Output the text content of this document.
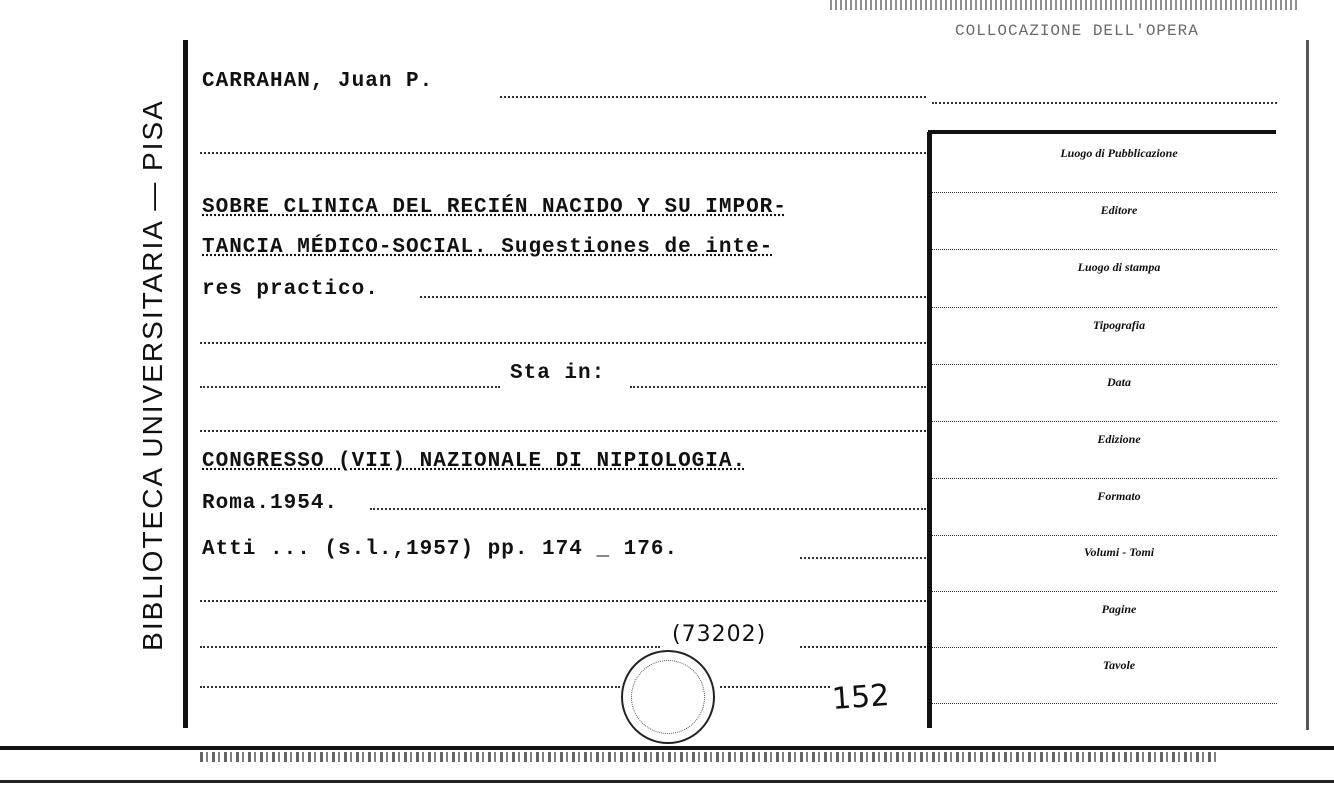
COLLOCAZIONE DELL'OPERA
BIBLIOTECA UNIVERSITARIA — PISA
CARRAHAN, Juan P.
SOBRE CLINICA DEL RECIÉN NACIDO Y SU IMPOR-
TANCIA MÉDICO-SOCIAL. Sugestiones de inte-
res practico.
Sta in:
CONGRESSO (VII) NAZIONALE DI NIPIOLOGIA.
Roma.1954.
Atti ... (s.l.,1957) pp. 174 _ 176.
(73202)
Luogo di Pubblicazione
Editore
Luogo di stampa
Tipografia
Data
Edizione
Formato
Volumi - Tomi
Pagine
Tavole
152
